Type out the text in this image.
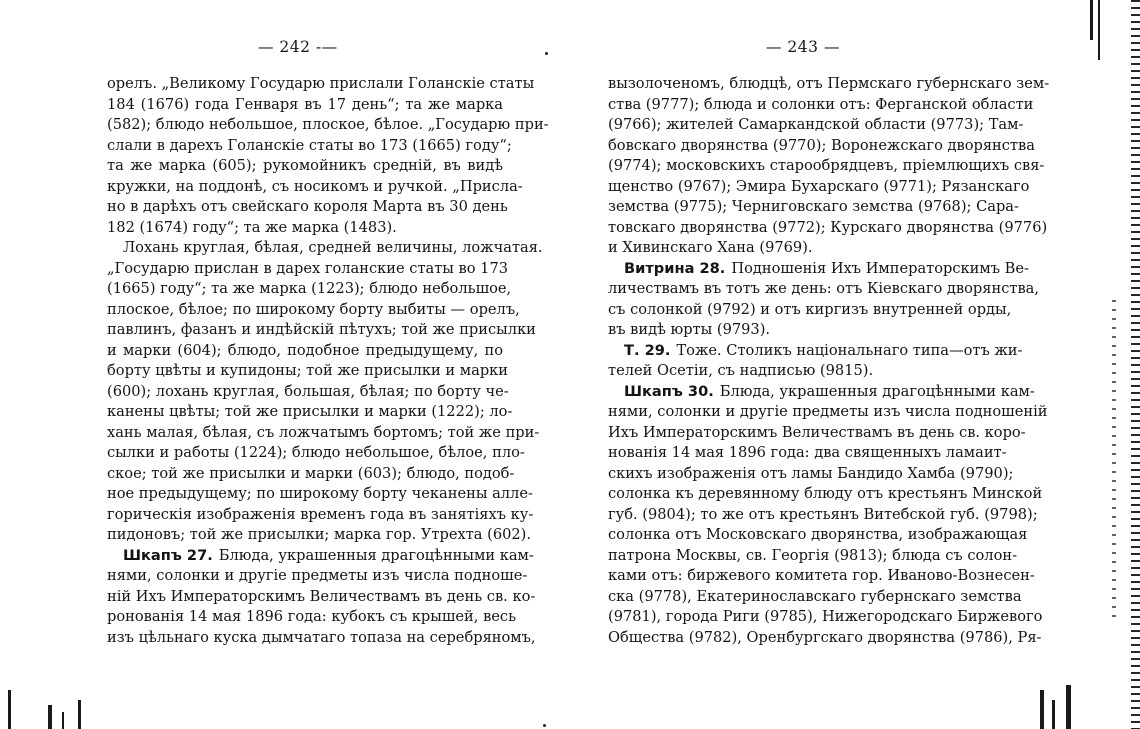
— 242 -—
орелъ. „Великому Государю прислали Голанскіе статы
184 (1676) года Генваря въ 17 день“; та же марка
(582); блюдо небольшое, плоское, бѣлое. „Государю при-
слали в дарехъ Голанскіе статы во 173 (1665) году“;
та же марка (605); рукомойникъ средній, въ видѣ
кружки, на поддонѣ, съ носикомъ и ручкой. „Присла-
но в дарѣхъ отъ свейскаго короля Марта въ 30 день
182 (1674) году“; та же марка (1483).
Лохань круглая, бѣлая, средней величины, ложчатая.
„Государю прислан в дарех голанские статы во 173
(1665) году“; та же марка (1223); блюдо небольшое,
плоское, бѣлое; по широкому борту выбиты — орелъ,
павлинъ, фазанъ и индѣйскій пѣтухъ; той же присылки
и марки (604); блюдо, подобное предыдущему, по
борту цвѣты и купидоны; той же присылки и марки
(600); лохань круглая, большая, бѣлая; по борту че-
канены цвѣты; той же присылки и марки (1222); ло-
хань малая, бѣлая, съ ложчатымъ бортомъ; той же при-
сылки и работы (1224); блюдо небольшое, бѣлое, пло-
ское; той же присылки и марки (603); блюдо, подоб-
ное предыдущему; по широкому борту чеканены алле-
горическія изображенія временъ года въ занятіяхъ ку-
пидоновъ; той же присылки; марка гор. Утрехта (602).
Шкапъ 27. Блюда, украшенныя драгоцѣнными кам-
нями, солонки и другіе предметы изъ числа подноше-
ній Ихъ Императорскимъ Величествамъ въ день св. ко-
ронованія 14 мая 1896 года: кубокъ съ крышей, весь
изъ цѣльнаго куска дымчатаго топаза на серебряномъ,
— 243 —
вызолоченомъ, блюдцѣ, отъ Пермскаго губернскаго зем-
ства (9777); блюда и солонки отъ: Ферганской области
(9766); жителей Самаркандской области (9773); Там-
бовскаго дворянства (9770); Воронежскаго дворянства
(9774); московскихъ старообрядцевъ, пріемлющихъ свя-
щенство (9767); Эмира Бухарскаго (9771); Рязанскаго
земства (9775); Черниговскаго земства (9768); Сара-
товскаго дворянства (9772); Курскаго дворянства (9776)
и Хивинскаго Хана (9769).
Витрина 28. Подношенія Ихъ Императорскимъ Ве-
личествамъ въ тотъ же день: отъ Кіевскаго дворянства,
съ солонкой (9792) и отъ киргизъ внутренней орды,
въ видѣ юрты (9793).
Т. 29. Тоже. Столикъ національнаго типа—отъ жи-
телей Осетіи, съ надписью (9815).
Шкапъ 30. Блюда, украшенныя драгоцѣнными кам-
нями, солонки и другіе предметы изъ числа подношеній
Ихъ Императорскимъ Величествамъ въ день св. коро-
нованія 14 мая 1896 года: два священныхъ ламаит-
скихъ изображенія отъ ламы Бандидо Хамба (9790);
солонка къ деревянному блюду отъ крестьянъ Минской
губ. (9804); то же отъ крестьянъ Витебской губ. (9798);
солонка отъ Московскаго дворянства, изображающая
патрона Москвы, св. Георгія (9813); блюда съ солон-
ками отъ: биржевого комитета гор. Иваново-Вознесен-
ска (9778), Екатеринославскаго губернскаго земства
(9781), города Риги (9785), Нижегородскаго Биржевого
Общества (9782), Оренбургскаго дворянства (9786), Ря-
